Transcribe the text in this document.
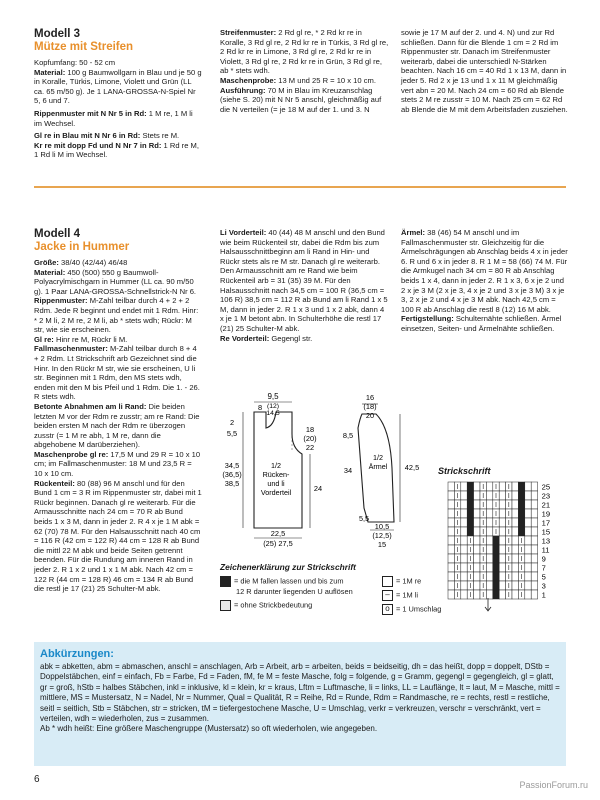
Modell 3
Mütze mit Streifen

Kopfumfang: 50 - 52 cm

Material: 100 g Baumwollgarn in Blau und je 50 g in Koralle, Türkis, Limone, Violett und Grün (LL ca. 65 m/50 g). Je 1 LANA-GROSSA-N-Spiel Nr 5, 6 und 7.

Rippenmuster mit N Nr 5 in Rd: 1 M re, 1 M li im Wechsel.

Gl re in Blau mit N Nr 6 in Rd: Stets re M.

Kr re mit dopp Fd und N Nr 7 in Rd: 1 Rd re M, 1 Rd li M im Wechsel.

Streifenmuster: 2 Rd gl re, * 2 Rd kr re in Koralle, 3 Rd gl re, 2 Rd kr re in Türkis, 3 Rd gl re, 2 Rd kr re in Limone, 3 Rd gl re, 2 Rd kr re in Violett, 3 Rd gl re, 2 Rd kr re in Grün, 3 Rd gl re, ab * stets wdh.

Maschenprobe: 13 M und 25 R = 10 x 10 cm.

Ausführung: 70 M in Blau im Kreuzanschlag (siehe S. 20) mit N Nr 5 anschl, gleichmäßig auf die N verteilen (= je 18 M auf der 1. und 3. N sowie je 17 M auf der 2. und 4. N) und zur Rd schließen. Dann für die Blende 1 cm = 2 Rd im Rippenmuster str. Danach im Streifenmuster weiterarb, dabei die unterschiedl N-Stärken beachten. Nach 16 cm = 40 Rd 1 x 13 M, dann in jeder 5. Rd 2 x je 13 und 1 x 11 M gleichmäßig vert abn = 20 M. Nach 24 cm = 60 Rd ab Blende stets 2 M re zusstr = 10 M. Nach 25 cm = 62 Rd ab Blende die M mit dem Arbeitsfaden zusziehen.

Modell 4
Jacke in Hummer

Größe: 38/40 (42/44) 46/48

Material: 450 (500) 550 g Baumwoll-Polyacrylmischgarn in Hummer (LL ca. 90 m/50 g). 1 Paar LANA-GROSSA-Schnellstrick-N Nr 6.

Rippenmuster: M-Zahl teilbar durch 4 + 2 + 2 Rdm. Jede R beginnt und endet mit 1 Rdm. Hinr: * 2 M li, 2 M re, 2 M li, ab * stets wdh; Rückr: M str, wie sie erscheinen.

Gl re: Hinr re M, Rückr li M.

Fallmaschenmuster: M-Zahl teilbar durch 8 + 4 + 2 Rdm. Lt Strickschrift arb Gezeichnet sind die Hinr. In den Rückr M str, wie sie erscheinen, U li str. Beginnen mit 1 Rdm, den MS stets wdh, enden mit den M bis Pfeil und 1 Rdm. Die 1. - 26. R stets wdh.

Betonte Abnahmen am li Rand: Die beiden letzten M vor der Rdm re zusstr; am re Rand: Die beiden ersten M nach der Rdm re überzogen zusstr (= 1 M re abh, 1 M re, dann die abgehobene M darüberziehen).

Maschenprobe gl re: 17,5 M und 29 R = 10 x 10 cm; im Fallmaschenmuster: 18 M und 23,5 R = 10 x 10 cm.

Rückenteil: 80 (88) 96 M anschl und für den Bund 1 cm = 3 R im Rippenmuster str, dabei mit 1 Rückr beginnen. Danach gl re weiterarb. Für die Armausschnitte nach 24 cm = 70 R ab Bund beids 1 x 3 M, dann in jeder 2. R 4 x je 1 M abk = 62 (70) 78 M. Für den Halsausschnitt nach 40 cm = 116 R (42 cm = 122 R) 44 cm = 128 R ab Bund die mittl 22 M abk und beide Seiten getrennt beenden. Für die Rundung am inneren Rand in jeder 2. R 1 x 2 und 1 x 1 M abk. Nach 42 cm = 122 R (44 cm = 128 R) 46 cm = 134 R ab Bund die restl je 17 (21) 25 Schulter-M abk.

Li Vorderteil: 40 (44) 48 M anschl und den Bund wie beim Rückenteil str, dabei die Rdm bis zum Halsausschnittbeginn am li Rand in Hin- und Rückr stets als re M str. Danach gl re weiterarb. Den Armausschnitt am re Rand wie beim Rückenteil arb = 31 (35) 39 M. Für den Halsausschnitt nach 34,5 cm = 100 R (36,5 cm = 106 R) 38,5 cm = 112 R ab Bund am li Rand 1 x 5 M, dann in jeder 2. R 1 x 3 und 1 x 2 abk, dann 4 x je 1 M betont abn. In Schulterhöhe die restl 17 (21) 25 Schulter-M abk.

Re Vorderteil: Gegengl str.

Ärmel: 38 (46) 54 M anschl und im Fallmaschenmuster str. Gleichzeitig für die Ärmelschrägungen ab Anschlag beids 4 x in jeder 6. R und 6 x in jeder 8. R 1 M = 58 (66) 74 M. Für die Armkugel nach 34 cm = 80 R ab Anschlag beids 1 x 4, dann in jeder 2. R 1 x 3, 6 x je 2 und 2 x je 3 M (2 x je 3, 4 x je 2 und 3 x je 3 M) 3 x je 3, 2 x je 2 und 4 x je 3 M abk. Nach 42,5 cm = 100 R ab Anschlag die restl 8 (12) 16 M abk.

Fertigstellung: Schulternähte schließen. Ärmel einsetzen, Seiten- und Ärmelnähte schließen.

9,5
8 (12)
14,5
2
5,5	18
(20)
22
24
34,5
(36,5)
38,5
1/2
Rücken-
und li
Vorderteil
22,5
(25) 27,5
16
(18)
20
8,5
34	42,5
1/2
Ärmel
5,5
10,5
(12,5)
15
Zeichenerklärung zur Strickschrift
= die M fallen lassen und bis zum
12 R darunter liegenden U auflösen
= ohne Strickbedeutung
= 1M re
– = 1M li
o = 1 Umschlag
Strickschrift
25
23
21
19
17
15
13
11
9
7
5
3
1
Abkürzungen:
abk = abketten, abm = abmaschen, anschl = anschlagen, Arb = Arbeit, arb = arbeiten, beids = beidseitig, dh = das heißt, dopp = doppelt, DStb = Doppelstäbchen, einf = einfach, Fb = Farbe, Fd = Faden, fM, fe M = feste Masche, folg = folgende, g = Gramm, gegengl = gegengleich, gl = glatt, gr = groß, hStb = halbes Stäbchen, inkl = inklusive, kl = klein, kr = kraus, Lftm = Luftmasche, li = links, LL = Lauflänge, lt = laut, M = Masche, mittl = mittlere, MS = Mustersatz, N = Nadel, Nr = Nummer, Qual = Qualität, R = Reihe, Rd = Runde, Rdm = Randmasche, re = rechts, restl = restliche, seitl = seitlich, Stb = Stäbchen, str = stricken, tM = tiefergestochene Masche, U = Umschlag, verkr = verkreuzen, verschr = verschränkt, vert = verteilen, wdh = wiederholen, zus = zusammen.
Ab * wdh heißt: Eine größere Maschengruppe (Mustersatz) so oft wiederholen, wie angegeben.
6	PassionForum.ru
